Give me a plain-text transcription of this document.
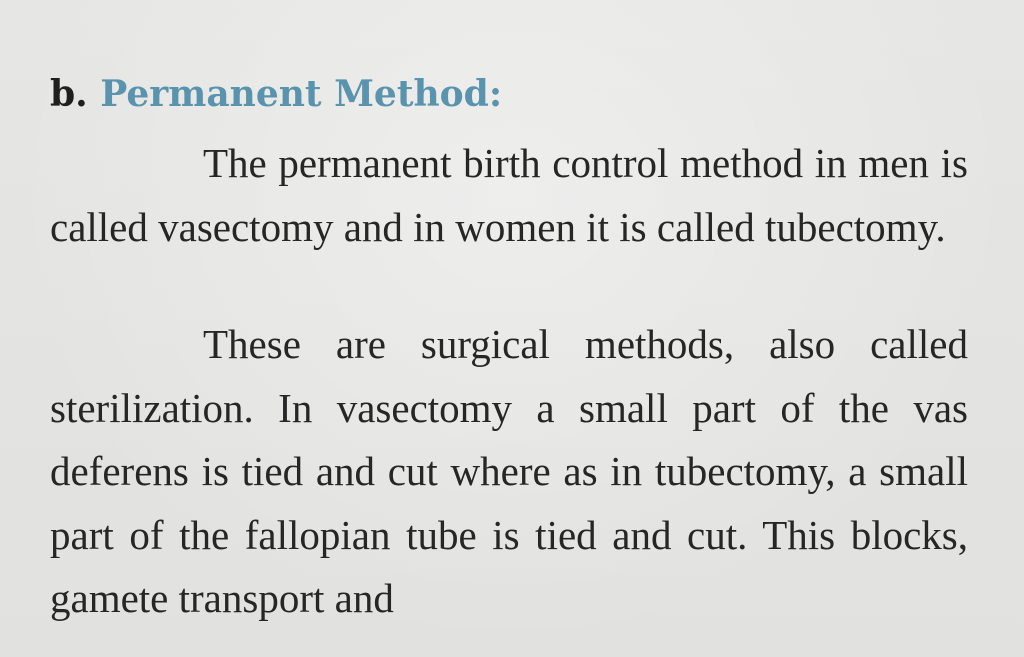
b. Permanent Method:

The permanent birth control method in men is called vasectomy and in women it is called tubectomy.

These are surgical methods, also called sterilization. In vasectomy a small part of the vas deferens is tied and cut where as in tubectomy, a small part of the fallopian tube is tied and cut. This blocks, gamete transport and
